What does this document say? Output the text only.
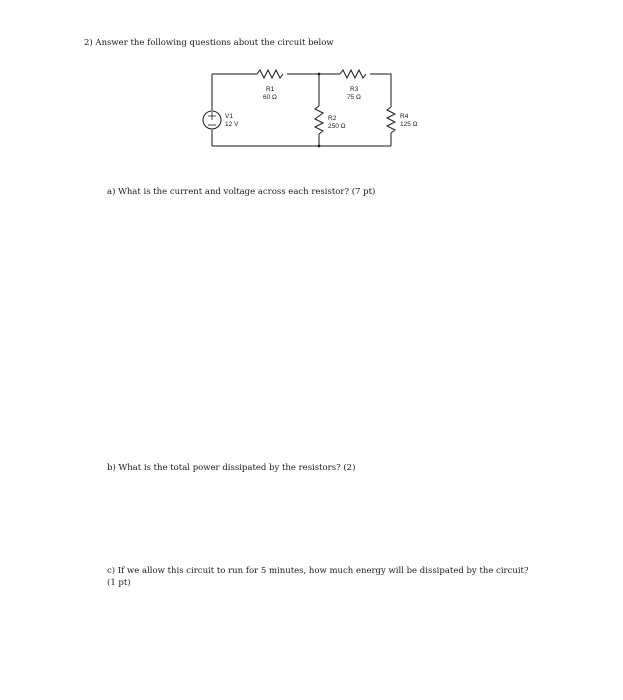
2) Answer the following questions about the circuit below
R1
60 Ω
R3
75 Ω
V1
12 V
R2
250 Ω
R4
125 Ω
a) What is the current and voltage across each resistor? (7 pt)
b) What is the total power dissipated by the resistors? (2)
c) If we allow this circuit to run for 5 minutes, how much energy will be dissipated by the circuit?
(1 pt)
